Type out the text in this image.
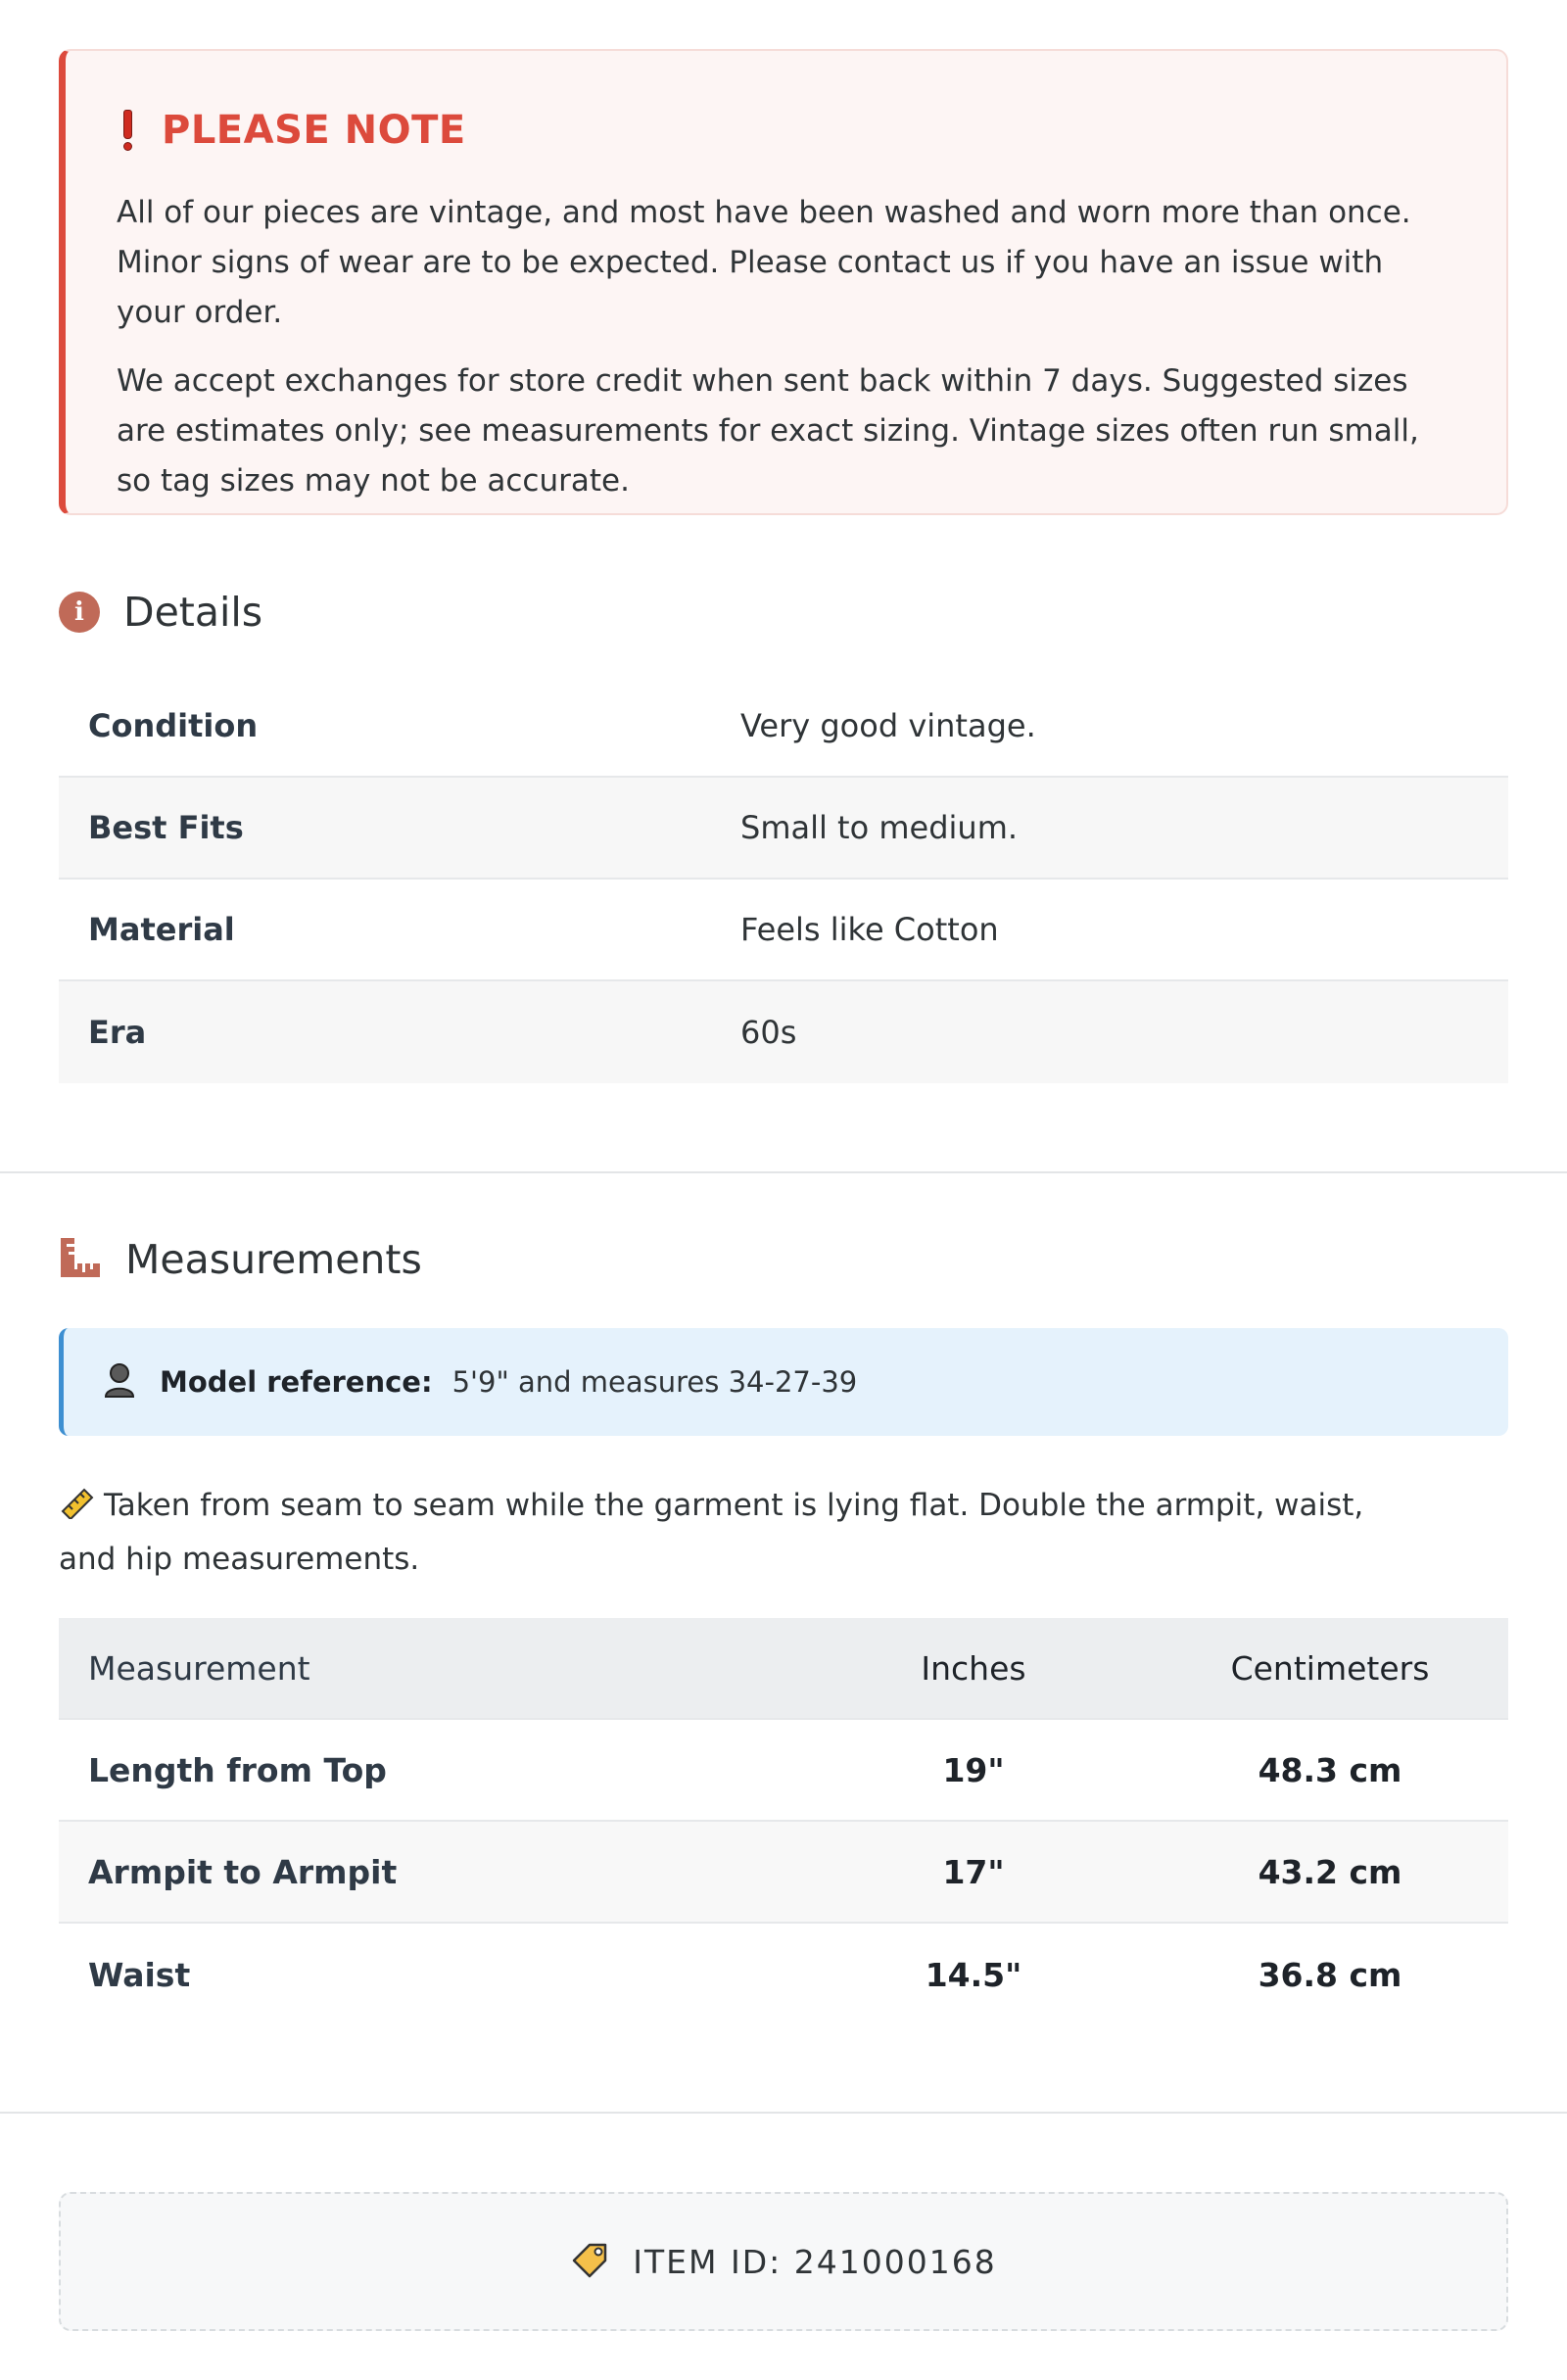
PLEASE NOTE

All of our pieces are vintage, and most have been washed and worn more than once. Minor signs of wear are to be expected. Please contact us if you have an issue with your order.

We accept exchanges for store credit when sent back within 7 days. Suggested sizes are estimates only; see measurements for exact sizing. Vintage sizes often run small, so tag sizes may not be accurate.

i Details
Condition	Very good vintage.
Best Fits	Small to medium.
Material	Feels like Cotton
Era	60s
Measurements
Model reference: 5'9" and measures 34-27-39
Taken from seam to seam while the garment is lying flat. Double the armpit, waist, and hip measurements.
Measurement	Inches	Centimeters
Length from Top	19"	48.3 cm
Armpit to Armpit	17"	43.2 cm
Waist	14.5"	36.8 cm
ITEM ID: 241000168
